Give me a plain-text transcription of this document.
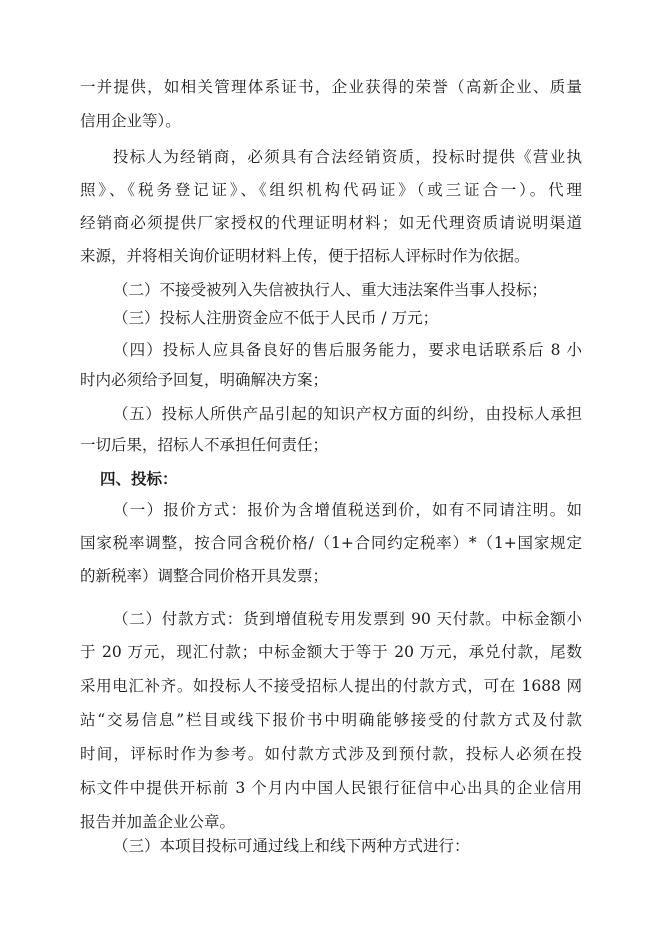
一并提供，如相关管理体系证书，企业获得的荣誉（高新企业、质量
信用企业等）。
投标人为经销商，必须具有合法经销资质，投标时提供《营业执
照》、《税务登记证》、《组织机构代码证》（或三证合一）。代理
经销商必须提供厂家授权的代理证明材料；如无代理资质请说明渠道
来源，并将相关询价证明材料上传，便于招标人评标时作为依据。
（二）不接受被列入失信被执行人、重大违法案件当事人投标；
（三）投标人注册资金应不低于人民币 / 万元；
（四）投标人应具备良好的售后服务能力，要求电话联系后 8 小
时内必须给予回复，明确解决方案；
（五）投标人所供产品引起的知识产权方面的纠纷，由投标人承担
一切后果，招标人不承担任何责任；
四、投标：
（一）报价方式：报价为含增值税送到价，如有不同请注明。如
国家税率调整，按合同含税价格/（1+合同约定税率）*（1+国家规定
的新税率）调整合同价格开具发票；
（二）付款方式：货到增值税专用发票到 90 天付款。中标金额小
于 20 万元，现汇付款；中标金额大于等于 20 万元，承兑付款，尾数
采用电汇补齐。如投标人不接受招标人提出的付款方式，可在 1688 网
站“交易信息”栏目或线下报价书中明确能够接受的付款方式及付款
时间，评标时作为参考。如付款方式涉及到预付款，投标人必须在投
标文件中提供开标前 3 个月内中国人民银行征信中心出具的企业信用
报告并加盖企业公章。
（三）本项目投标可通过线上和线下两种方式进行：
